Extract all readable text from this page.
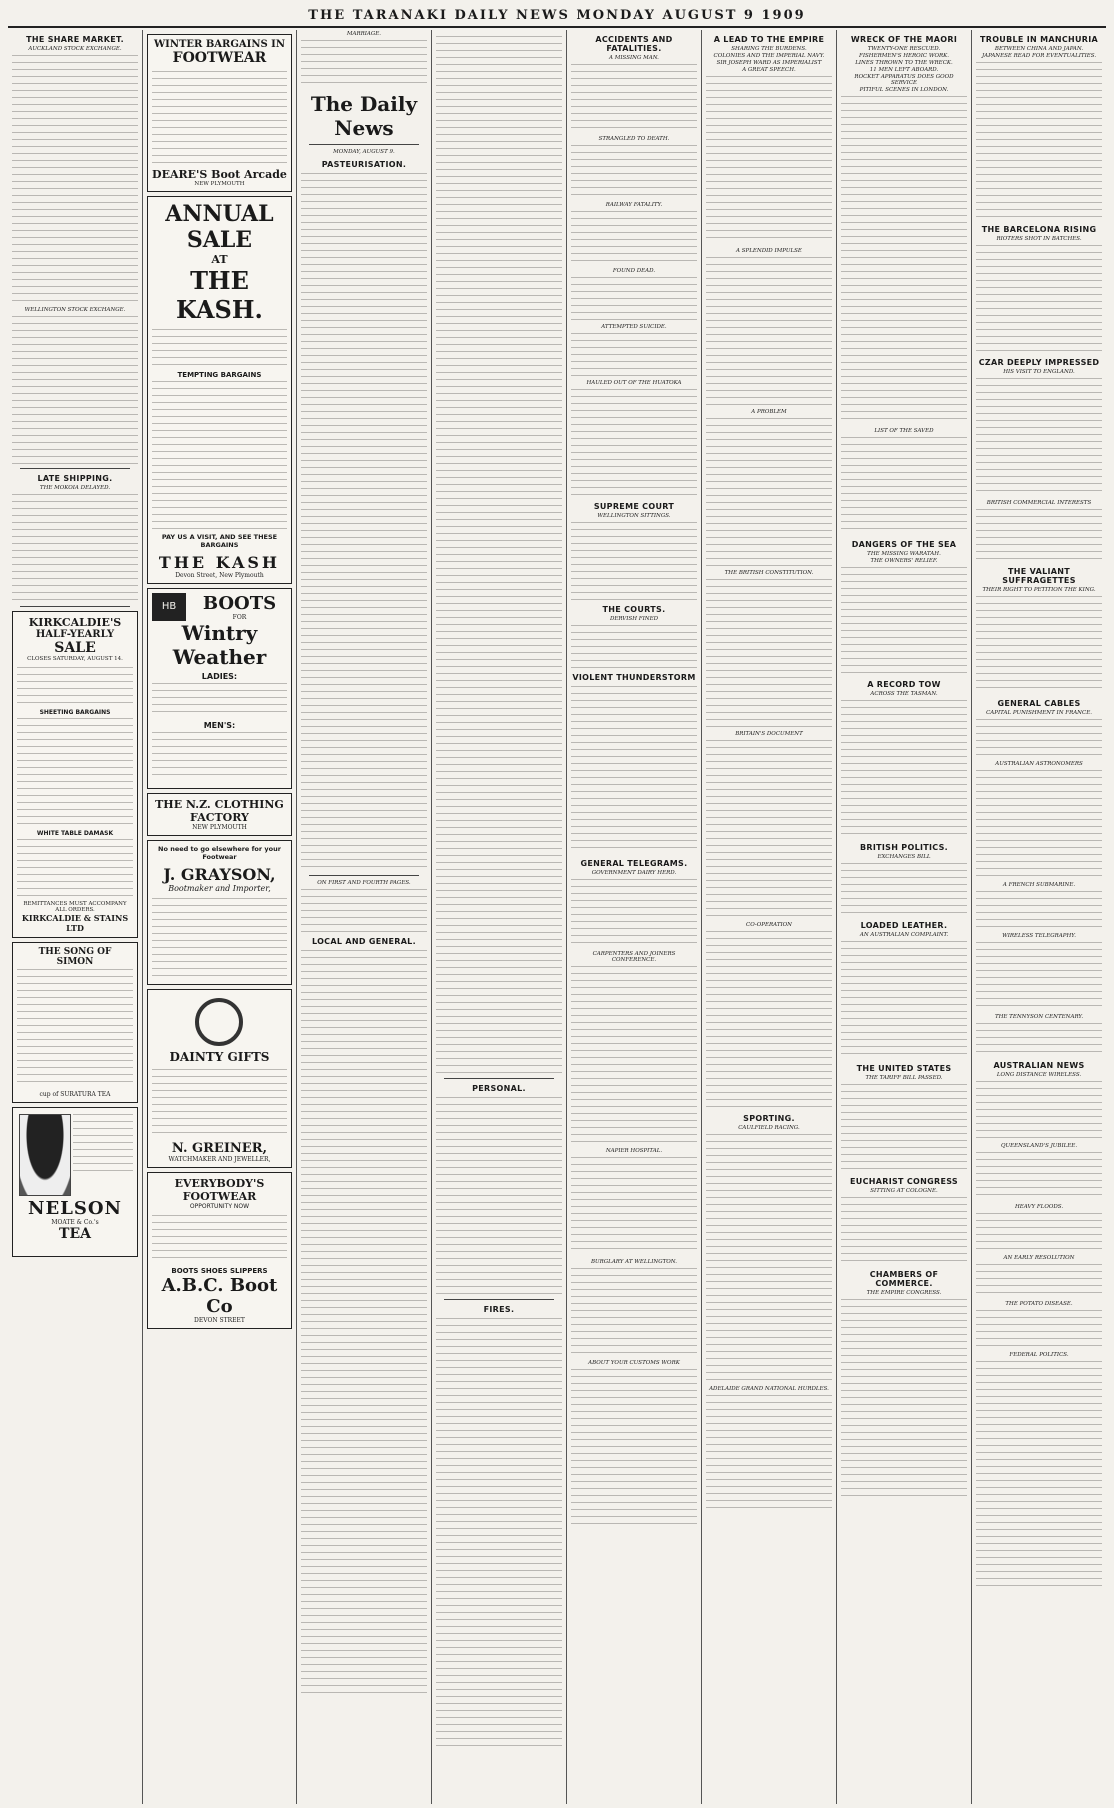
THE TARANAKI DAILY NEWS MONDAY AUGUST 9 1909
THE SHARE MARKET.
AUCKLAND STOCK EXCHANGE.
WELLINGTON STOCK EXCHANGE.
LATE SHIPPING.
THE MOKOIA DELAYED.
KIRKCALDIE'S
HALF-YEARLY
SALE
CLOSES SATURDAY, AUGUST 14.
SHEETING BARGAINS
WHITE TABLE DAMASK
REMITTANCES MUST ACCOMPANY ALL ORDERS.
KIRKCALDIE & STAINS LTD
THE SONG OF
SIMON
cup of SURATURA TEA
NELSON
MOATE & Co.'s
TEA
WINTER BARGAINS IN
FOOTWEAR
DEARE'S Boot Arcade
NEW PLYMOUTH
ANNUAL SALE
AT
THE KASH.
TEMPTING BARGAINS
PAY US A VISIT, AND SEE THESE BARGAINS
THE KASH
Devon Street, New Plymouth
HB	BOOTS
FOR
Wintry Weather
LADIES:
MEN'S:
THE N.Z. CLOTHING FACTORY
NEW PLYMOUTH
No need to go elsewhere for your Footwear
J. GRAYSON,
Bootmaker and Importer,
DAINTY GIFTS
N. GREINER,
WATCHMAKER AND JEWELLER,
EVERYBODY'S FOOTWEAR
OPPORTUNITY NOW
BOOTS SHOES SLIPPERS
A.B.C. Boot Co
DEVON STREET
MARRIAGE.
The Daily News
MONDAY, AUGUST 9.
PASTEURISATION.
ON FIRST AND FOURTH PAGES.
LOCAL AND GENERAL.
PERSONAL.
FIRES.
ACCIDENTS AND FATALITIES.
A MISSING MAN.
STRANGLED TO DEATH.
RAILWAY FATALITY.
FOUND DEAD.
ATTEMPTED SUICIDE.
HAULED OUT OF THE HUATOKA
SUPREME COURT
WELLINGTON SITTINGS.
THE COURTS.
DERVISH FINED
VIOLENT THUNDERSTORM
GENERAL TELEGRAMS.
GOVERNMENT DAIRY HERD.
CARPENTERS AND JOINERS CONFERENCE.
NAPIER HOSPITAL.
BURGLARY AT WELLINGTON.
ABOUT YOUR CUSTOMS WORK
A LEAD TO THE EMPIRE
SHARING THE BURDENS.
COLONIES AND THE IMPERIAL NAVY.
SIR JOSEPH WARD AS IMPERIALIST
A GREAT SPEECH.
A SPLENDID IMPULSE
A PROBLEM
THE BRITISH CONSTITUTION.
BRITAIN'S DOCUMENT
CO-OPERATION
SPORTING.
CAULFIELD RACING.
ADELAIDE GRAND NATIONAL HURDLES.
WRECK OF THE MAORI
TWENTY-ONE RESCUED.
FISHERMEN'S HEROIC WORK.
LINES THROWN TO THE WRECK.
11 MEN LEFT ABOARD.
ROCKET APPARATUS DOES GOOD SERVICE
PITIFUL SCENES IN LONDON.
LIST OF THE SAVED
DANGERS OF THE SEA
THE MISSING WARATAH.
THE OWNERS' RELIEF.
A RECORD TOW
ACROSS THE TASMAN.
BRITISH POLITICS.
EXCHANGES BILL
LOADED LEATHER.
AN AUSTRALIAN COMPLAINT.
THE UNITED STATES
THE TARIFF BILL PASSED.
EUCHARIST CONGRESS
SITTING AT COLOGNE.
CHAMBERS OF COMMERCE.
THE EMPIRE CONGRESS.
TROUBLE IN MANCHURIA
BETWEEN CHINA AND JAPAN.
JAPANESE READ FOR EVENTUALITIES.
THE BARCELONA RISING
RIOTERS SHOT IN BATCHES.
CZAR DEEPLY IMPRESSED
HIS VISIT TO ENGLAND.
BRITISH COMMERCIAL INTERESTS
THE VALIANT SUFFRAGETTES
THEIR RIGHT TO PETITION THE KING.
GENERAL CABLES
CAPITAL PUNISHMENT IN FRANCE.
AUSTRALIAN ASTRONOMERS
A FRENCH SUBMARINE.
WIRELESS TELEGRAPHY.
THE TENNYSON CENTENARY.
AUSTRALIAN NEWS
LONG DISTANCE WIRELESS.
QUEENSLAND'S JUBILEE.
HEAVY FLOODS.
AN EARLY RESOLUTION
THE POTATO DISEASE.
FEDERAL POLITICS.
